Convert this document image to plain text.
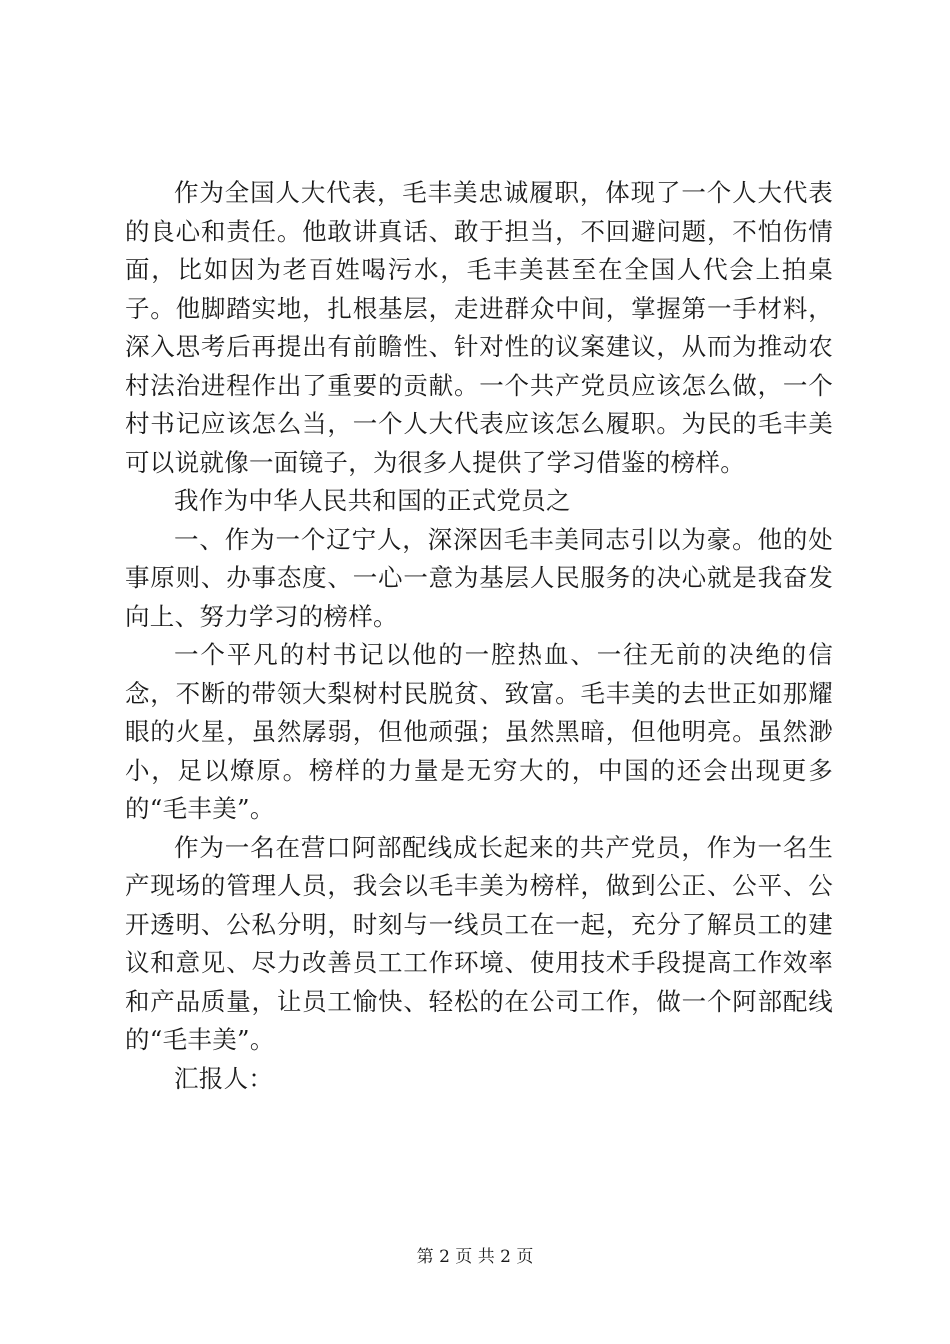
作为全国人大代表，毛丰美忠诚履职，体现了一个人大代表的良心和责任。他敢讲真话、敢于担当，不回避问题，不怕伤情面，比如因为老百姓喝污水，毛丰美甚至在全国人代会上拍桌子。他脚踏实地，扎根基层，走进群众中间，掌握第一手材料，深入思考后再提出有前瞻性、针对性的议案建议，从而为推动农村法治进程作出了重要的贡献。一个共产党员应该怎么做，一个村书记应该怎么当，一个人大代表应该怎么履职。为民的毛丰美可以说就像一面镜子，为很多人提供了学习借鉴的榜样。

我作为中华人民共和国的正式党员之

一、作为一个辽宁人，深深因毛丰美同志引以为豪。他的处事原则、办事态度、一心一意为基层人民服务的决心就是我奋发向上、努力学习的榜样。

一个平凡的村书记以他的一腔热血、一往无前的决绝的信念，不断的带领大梨树村民脱贫、致富。毛丰美的去世正如那耀眼的火星，虽然孱弱，但他顽强；虽然黑暗，但他明亮。虽然渺小，足以燎原。榜样的力量是无穷大的，中国的还会出现更多的“毛丰美”。

作为一名在营口阿部配线成长起来的共产党员，作为一名生产现场的管理人员，我会以毛丰美为榜样，做到公正、公平、公开透明、公私分明，时刻与一线员工在一起，充分了解员工的建议和意见、尽力改善员工工作环境、使用技术手段提高工作效率和产品质量，让员工愉快、轻松的在公司工作，做一个阿部配线的“毛丰美”。

汇报人：

第 2 页 共 2 页
